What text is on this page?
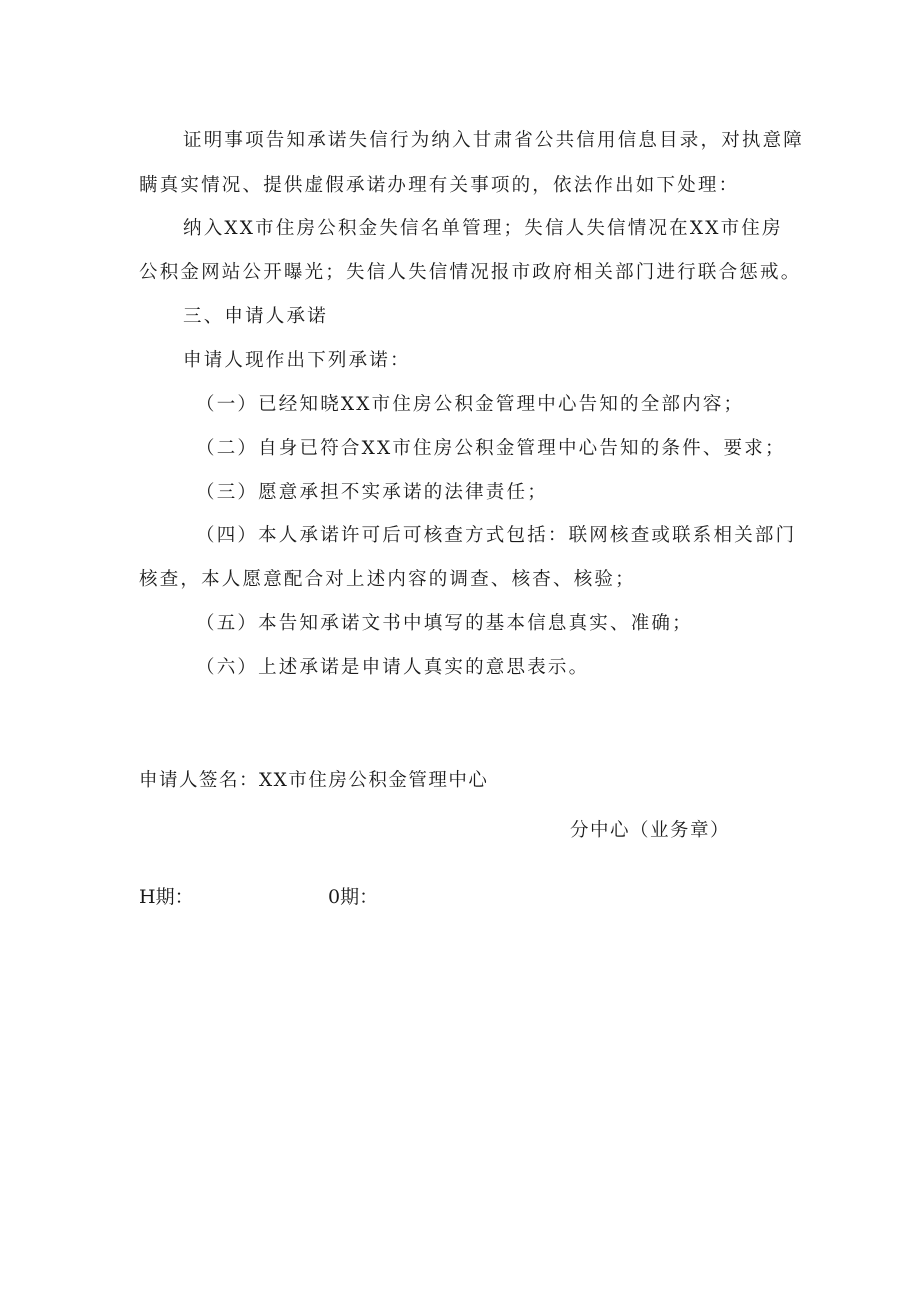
证明事项告知承诺失信行为纳入甘肃省公共信用信息目录，对执意障
瞒真实情况、提供虚假承诺办理有关事项的，依法作出如下处理：
纳入XX市住房公积金失信名单管理；失信人失信情况在XX市住房
公积金网站公开曝光；失信人失信情况报市政府相关部门进行联合惩戒。
三、申请人承诺
申请人现作出下列承诺：
（一）已经知晓XX市住房公积金管理中心告知的全部内容；
（二）自身已符合XX市住房公积金管理中心告知的条件、要求；
（三）愿意承担不实承诺的法律责任；
（四）本人承诺许可后可核查方式包括：联网核查或联系相关部门
核查，本人愿意配合对上述内容的调查、核杳、核验；
（五）本告知承诺文书中填写的基本信息真实、准确；
（六）上述承诺是申请人真实的意思表示。
申请人签名：XX市住房公积金管理中心
分中心（业务章）
H期：	0期：
